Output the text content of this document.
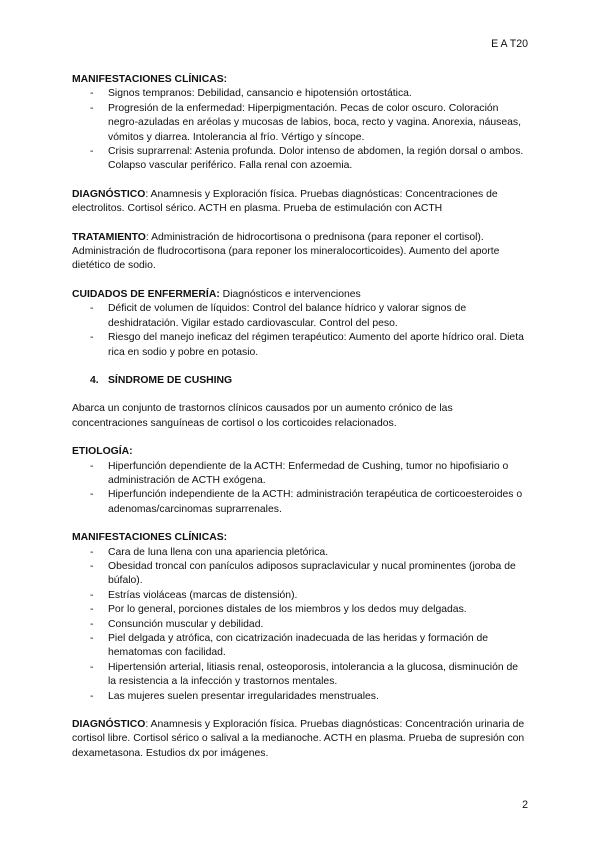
E A T20
MANIFESTACIONES CLÍNICAS:
- Signos tempranos: Debilidad, cansancio e hipotensión ortostática.
- Progresión de la enfermedad: Hiperpigmentación. Pecas de color oscuro. Coloración negro-azuladas en aréolas y mucosas de labios, boca, recto y vagina. Anorexia, náuseas, vómitos y diarrea. Intolerancia al frío. Vértigo y síncope.
- Crisis suprarrenal: Astenia profunda. Dolor intenso de abdomen, la región dorsal o ambos. Colapso vascular periférico. Falla renal con azoemia.

DIAGNÓSTICO: Anamnesis y Exploración física. Pruebas diagnósticas: Concentraciones de electrolitos. Cortisol sérico. ACTH en plasma. Prueba de estimulación con ACTH

TRATAMIENTO: Administración de hidrocortisona o prednisona (para reponer el cortisol). Administración de fludrocortisona (para reponer los mineralocorticoides). Aumento del aporte dietético de sodio.

CUIDADOS DE ENFERMERÍA: Diagnósticos e intervenciones
- Déficit de volumen de líquidos: Control del balance hídrico y valorar signos de deshidratación. Vigilar estado cardiovascular. Control del peso.
- Riesgo del manejo ineficaz del régimen terapéutico: Aumento del aporte hídrico oral. Dieta rica en sodio y pobre en potasio.
4. SÍNDROME DE CUSHING

Abarca un conjunto de trastornos clínicos causados por un aumento crónico de las concentraciones sanguíneas de cortisol o los corticoides relacionados.

ETIOLOGÍA:
- Hiperfunción dependiente de la ACTH: Enfermedad de Cushing, tumor no hipofisiario o administración de ACTH exógena.
- Hiperfunción independiente de la ACTH: administración terapéutica de corticoesteroides o adenomas/carcinomas suprarrenales.
MANIFESTACIONES CLÍNICAS:
- Cara de luna llena con una apariencia pletórica.
- Obesidad troncal con panículos adiposos supraclavicular y nucal prominentes (joroba de búfalo).
- Estrías violáceas (marcas de distensión).
- Por lo general, porciones distales de los miembros y los dedos muy delgadas.
- Consunción muscular y debilidad.
- Piel delgada y atrófica, con cicatrización inadecuada de las heridas y formación de hematomas con facilidad.
- Hipertensión arterial, litiasis renal, osteoporosis, intolerancia a la glucosa, disminución de la resistencia a la infección y trastornos mentales.
- Las mujeres suelen presentar irregularidades menstruales.

DIAGNÓSTICO: Anamnesis y Exploración física. Pruebas diagnósticas: Concentración urinaria de cortisol libre. Cortisol sérico o salival a la medianoche. ACTH en plasma. Prueba de supresión con dexametasona. Estudios dx por imágenes.

2
